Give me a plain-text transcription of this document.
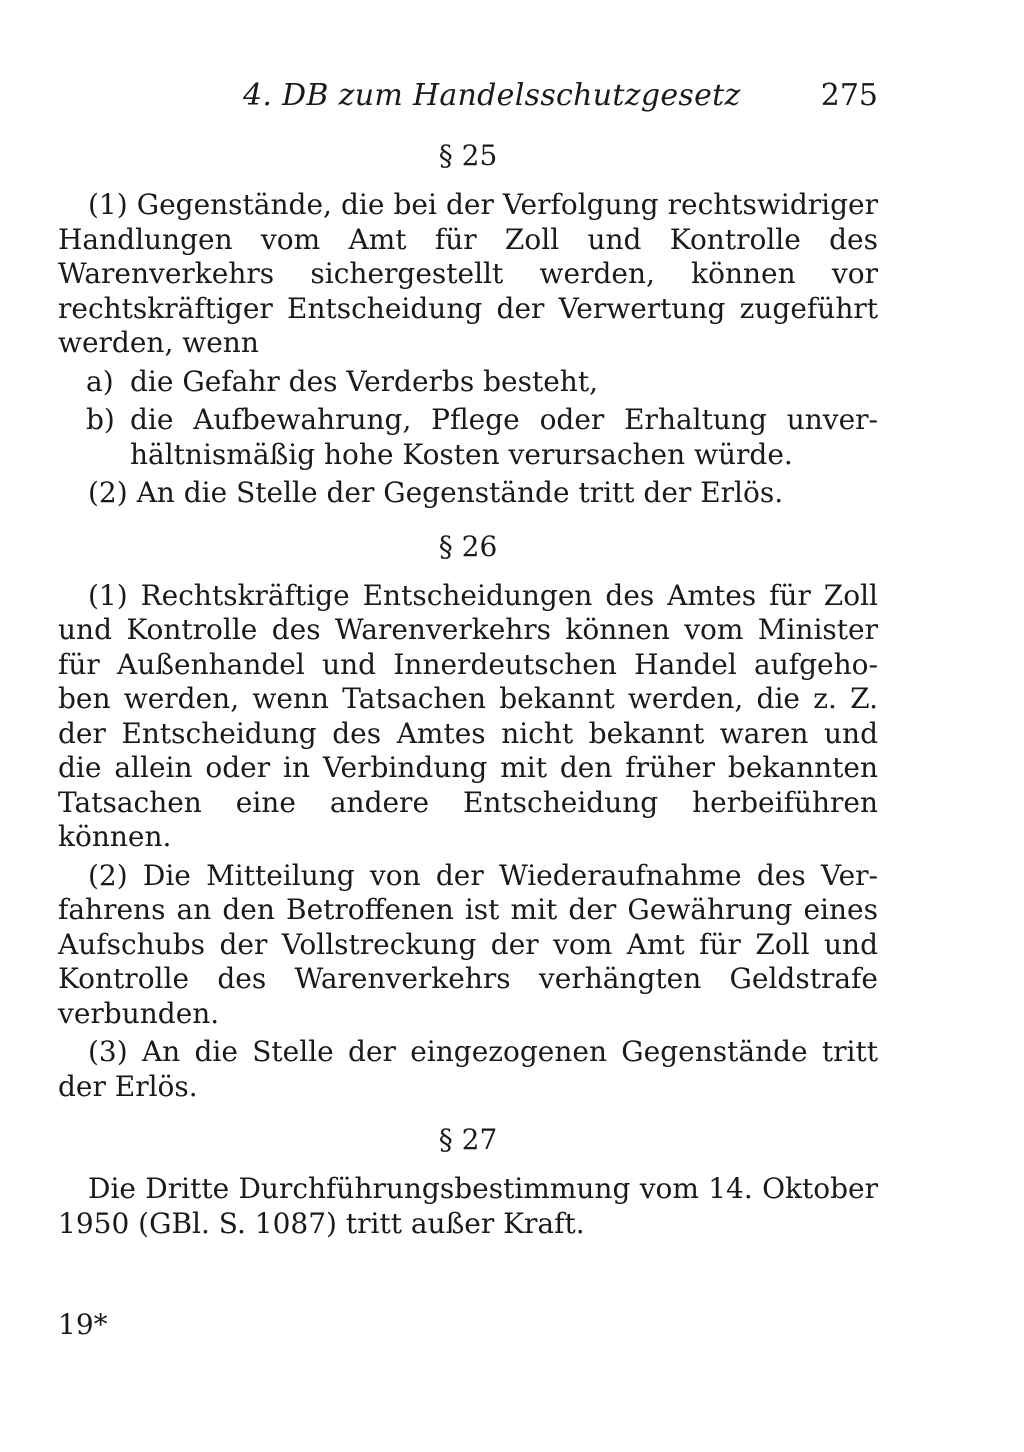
4. DB zum Handelsschutzgesetz	275
§ 25

(1) Gegenstände, die bei der Verfolgung rechtswidriger Handlungen vom Amt für Zoll und Kontrolle des Warenverkehrs sichergestellt werden, können vor rechtskräftiger Entscheidung der Verwertung zugeführt werden, wenn

a) die Gefahr des Verderbs besteht,
b) die Aufbewahrung, Pflege oder Erhaltung unverhältnismäßig hohe Kosten verursachen würde.

(2) An die Stelle der Gegenstände tritt der Erlös.

§ 26

(1) Rechtskräftige Entscheidungen des Amtes für Zoll und Kontrolle des Warenverkehrs können vom Minister für Außenhandel und Innerdeutschen Handel aufgehoben werden, wenn Tatsachen bekannt werden, die z. Z. der Entscheidung des Amtes nicht bekannt waren und die allein oder in Verbindung mit den früher bekannten Tatsachen eine andere Entscheidung herbeiführen können.

(2) Die Mitteilung von der Wiederaufnahme des Verfahrens an den Betroffenen ist mit der Gewährung eines Aufschubs der Vollstreckung der vom Amt für Zoll und Kontrolle des Warenverkehrs verhängten Geldstrafe verbunden.

(3) An die Stelle der eingezogenen Gegenstände tritt der Erlös.

§ 27

Die Dritte Durchführungsbestimmung vom 14. Oktober 1950 (GBl. S. 1087) tritt außer Kraft.

19*
